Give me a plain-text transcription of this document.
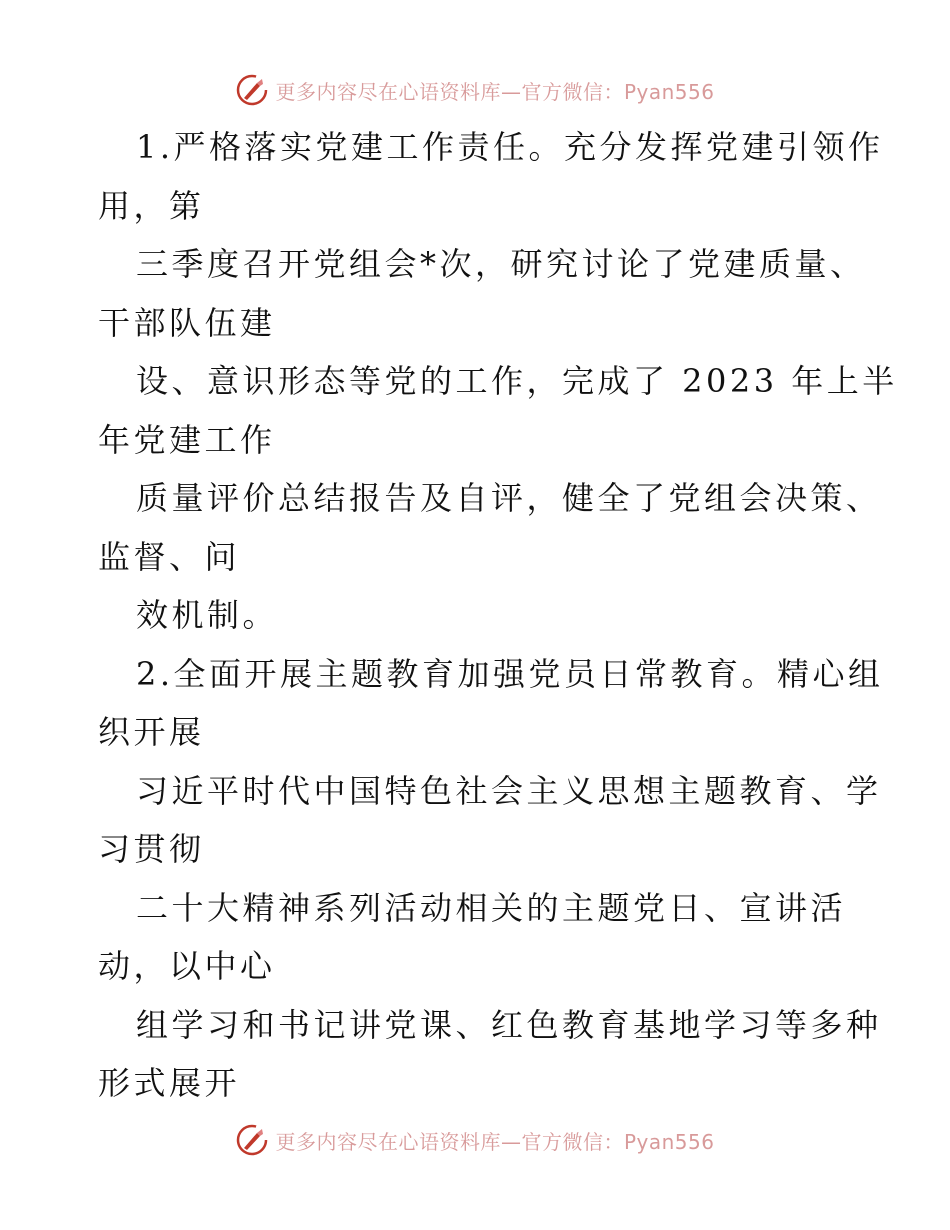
更多内容尽在心语资料库—官方微信：Pyan556
1.严格落实党建工作责任。充分发挥党建引领作
用，第
三季度召开党组会*次，研究讨论了党建质量、
干部队伍建
设、意识形态等党的工作，完成了 2023 年上半
年党建工作
质量评价总结报告及自评，健全了党组会决策、
监督、问
效机制。
2.全面开展主题教育加强党员日常教育。精心组
织开展
习近平时代中国特色社会主义思想主题教育、学
习贯彻
二十大精神系列活动相关的主题党日、宣讲活
动，以中心
组学习和书记讲党课、红色教育基地学习等多种
形式展开
更多内容尽在心语资料库—官方微信：Pyan556
